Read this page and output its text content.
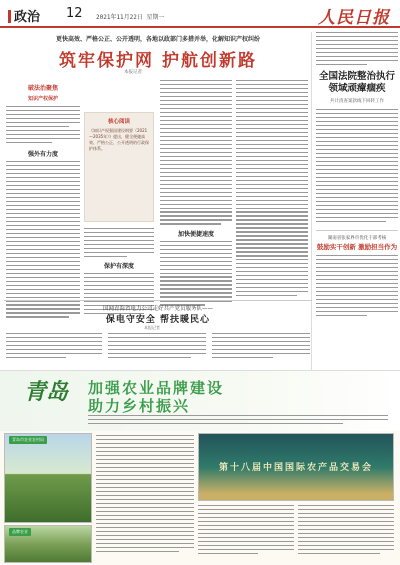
政治 12 2021年11月22日 星期一	人民日报
更快高效、严格公正、公开透明，各地以政部门多措并举，化解知识产权纠纷
筑牢保护网 护航创新路
本报记者
破法治聚焦
知识产权保护
强外有力度
核心阅读
《知识产权强国建设纲要（2021—2035年）》提出，健全便捷高效、严格公正、公开透明的行政保护体系。
保护有深度
加快便捷速度
全国法院整治执行领域顽瘴痼疾
共计清查案款线下回转工作
湖南省张家界市优化干部考核
鼓励实干创新 激励担当作为
国网青海省电力公司走好共产党员服务队——
保电守安全 帮扶暖民心
本报记者
青岛 加强农业品牌建设
助力乡村振兴
青岛市农业农村局
品牌农业
第十八届中国国际农产品交易会
